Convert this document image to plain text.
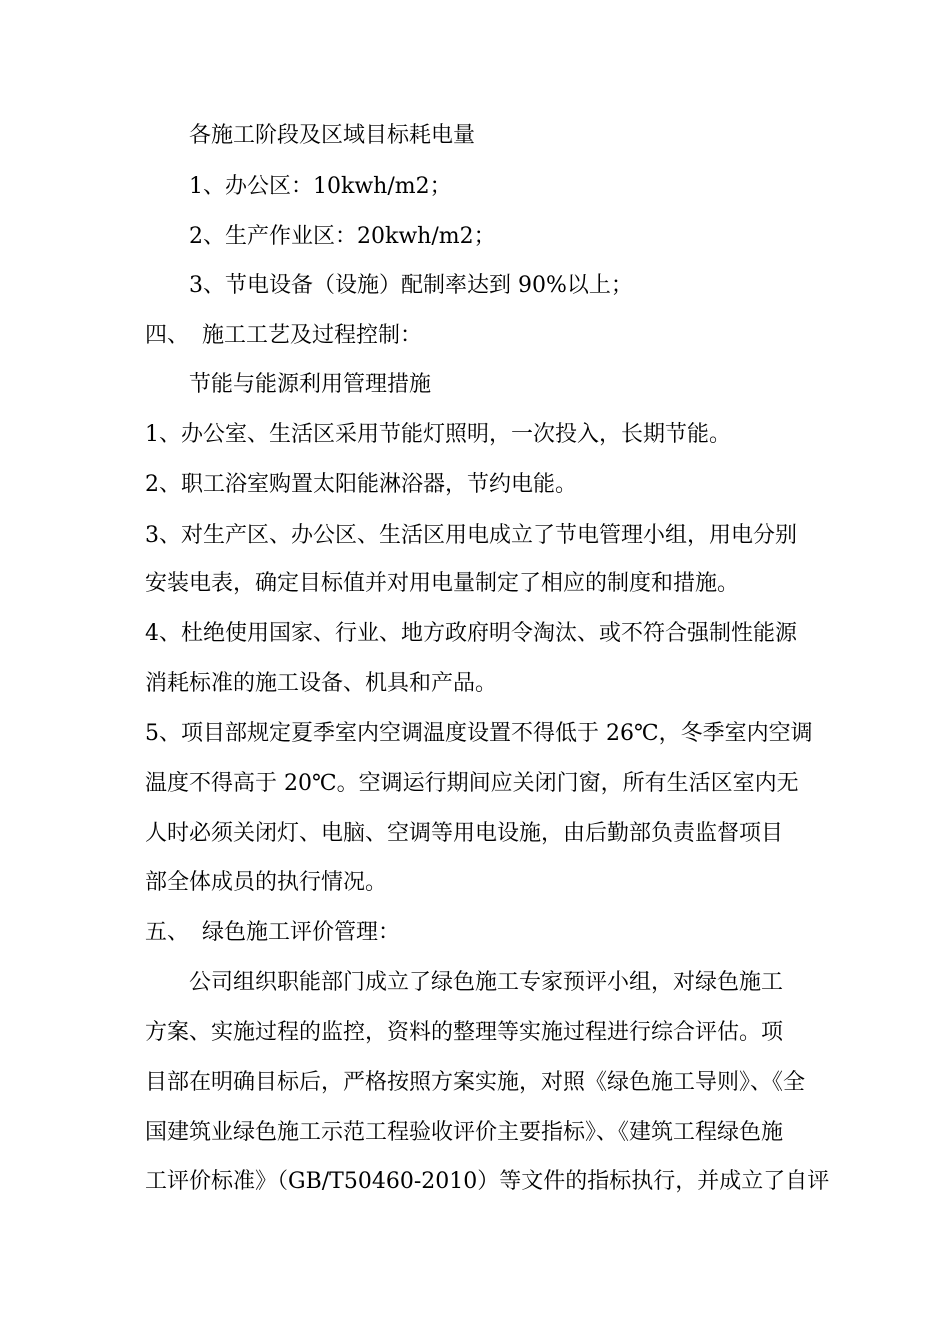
各施工阶段及区域目标耗电量
1、办公区：10kwh/m2；
2、生产作业区：20kwh/m2；
3、节电设备（设施）配制率达到 90%以上；
四、 施工工艺及过程控制：
节能与能源利用管理措施
1、办公室、生活区采用节能灯照明，一次投入，长期节能。
2、职工浴室购置太阳能淋浴器，节约电能。
3、对生产区、办公区、生活区用电成立了节电管理小组，用电分别
安装电表，确定目标值并对用电量制定了相应的制度和措施。
4、杜绝使用国家、行业、地方政府明令淘汰、或不符合强制性能源
消耗标准的施工设备、机具和产品。
5、项目部规定夏季室内空调温度设置不得低于 26℃，冬季室内空调
温度不得高于 20℃。空调运行期间应关闭门窗，所有生活区室内无
人时必须关闭灯、电脑、空调等用电设施，由后勤部负责监督项目
部全体成员的执行情况。
五、 绿色施工评价管理：
公司组织职能部门成立了绿色施工专家预评小组，对绿色施工
方案、实施过程的监控，资料的整理等实施过程进行综合评估。项
目部在明确目标后，严格按照方案实施，对照《绿色施工导则》、《全
国建筑业绿色施工示范工程验收评价主要指标》、《建筑工程绿色施
工评价标准》（GB/T50460-2010）等文件的指标执行，并成立了自评
